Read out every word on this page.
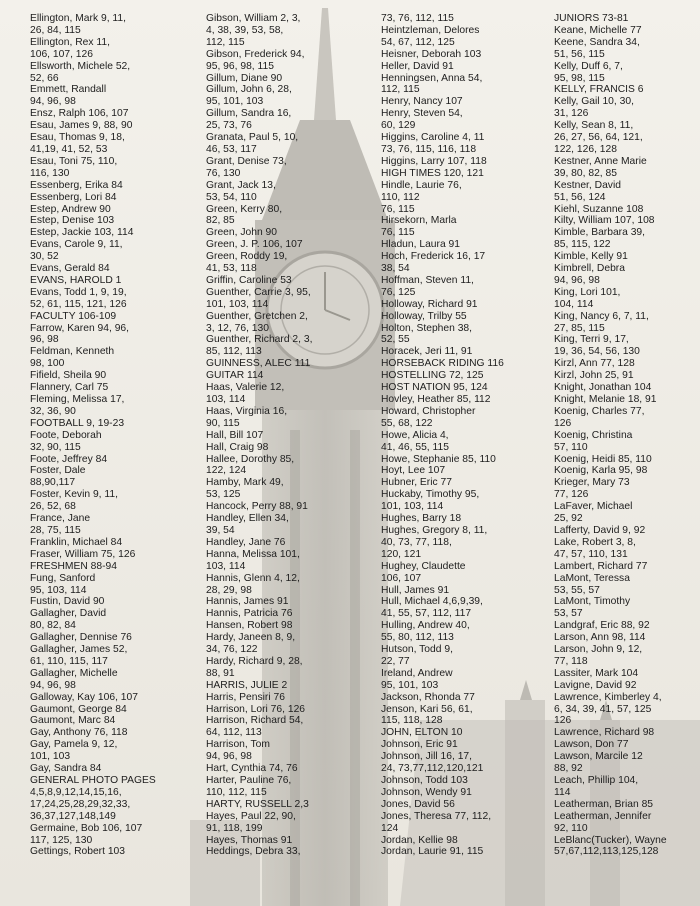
Ellington, Mark 9, 11,
26, 84, 115
Ellington, Rex 11,
106, 107, 126
Ellsworth, Michele 52,
52, 66
Emmett, Randall
94, 96, 98
Ensz, Ralph 106, 107
Esau, James 9, 88, 90
Esau, Thomas 9, 18,
41,19, 41, 52, 53
Esau, Toni 75, 110,
116, 130
Essenberg, Erika 84
Essenberg, Lori 84
Estep, Andrew 90
Estep, Denise 103
Estep, Jackie 103, 114
Evans, Carole 9, 11,
30, 52
Evans, Gerald 84
EVANS, HAROLD 1
Evans, Todd 1, 9, 19,
52, 61, 115, 121, 126
FACULTY 106-109
Farrow, Karen 94, 96,
96, 98
Feldman, Kenneth
98, 100
Fifield, Sheila 90
Flannery, Carl 75
Fleming, Melissa 17,
32, 36, 90
FOOTBALL 9, 19-23
Foote, Deborah
32, 90, 115
Foote, Jeffrey 84
Foster, Dale
88,90,117
Foster, Kevin 9, 11,
26, 52, 68
France, Jane
28, 75, 115
Franklin, Michael 84
Fraser, William 75, 126
FRESHMEN 88-94
Fung, Sanford
95, 103, 114
Fustin, David 90
Gallagher, David
80, 82, 84
Gallagher, Dennise 76
Gallagher, James 52,
61, 110, 115, 117
Gallagher, Michelle
94, 96, 98
Galloway, Kay 106, 107
Gaumont, George 84
Gaumont, Marc 84
Gay, Anthony 76, 118
Gay, Pamela 9, 12,
101, 103
Gay, Sandra 84
GENERAL PHOTO PAGES
4,5,8,9,12,14,15,16,
17,24,25,28,29,32,33,
36,37,127,148,149
Germaine, Bob 106, 107
117, 125, 130
Gettings, Robert 103
Gibson, William 2, 3,
4, 38, 39, 53, 58,
112, 115
Gibson, Frederick 94,
95, 96, 98, 115
Gillum, Diane 90
Gillum, John 6, 28,
95, 101, 103
Gillum, Sandra 16,
25, 73, 76
Granata, Paul 5, 10,
46, 53, 117
Grant, Denise 73,
76, 130
Grant, Jack 13,
53, 54, 110
Green, Kerry 80,
82, 85
Green, John 90
Green, J. P. 106, 107
Green, Roddy 19,
41, 53, 118
Griffin, Caroline 53
Guenther, Carrie 3, 95,
101, 103, 114
Guenther, Gretchen 2,
3, 12, 76, 130
Guenther, Richard 2, 3,
85, 112, 113
GUINNESS, ALEC 111
GUITAR 114
Haas, Valerie 12,
103, 114
Haas, Virginia 16,
90, 115
Hall, Bill 107
Hall, Craig 98
Hallee, Dorothy 85,
122, 124
Hamby, Mark 49,
53, 125
Hancock, Perry 88, 91
Handley, Ellen 34,
39, 54
Handley, Jane 76
Hanna, Melissa 101,
103, 114
Hannis, Glenn 4, 12,
28, 29, 98
Hannis, James 91
Hannis, Patricia 76
Hansen, Robert 98
Hardy, Janeen 8, 9,
34, 76, 122
Hardy, Richard 9, 28,
88, 91
HARRIS, JULIE 2
Harris, Pensiri 76
Harrison, Lori 76, 126
Harrison, Richard 54,
64, 112, 113
Harrison, Tom
94, 96, 98
Hart, Cynthia 74, 76
Harter, Pauline 76,
110, 112, 115
HARTY, RUSSELL 2,3
Hayes, Paul 22, 90,
91, 118, 199
Hayes, Thomas 91
Heddings, Debra 33,
73, 76, 112, 115
Heintzleman, Delores
54, 67, 112, 125
Heisner, Deborah 103
Heller, David 91
Henningsen, Anna 54,
112, 115
Henry, Nancy 107
Henry, Steven 54,
60, 129
Higgins, Caroline 4, 11
73, 76, 115, 116, 118
Higgins, Larry 107, 118
HIGH TIMES 120, 121
Hindle, Laurie 76,
110, 112
76, 115
Hirsekorn, Marla
76, 115
Hladun, Laura 91
Hoch, Frederick 16, 17
38, 54
Hoffman, Steven 11,
76, 125
Holloway, Richard 91
Holloway, Trilby 55
Holton, Stephen 38,
52, 55
Horacek, Jeri 11, 91
HORSEBACK RIDING 116
HOSTELLING 72, 125
HOST NATION 95, 124
Hovley, Heather 85, 112
Howard, Christopher
55, 68, 122
Howe, Alicia 4,
41, 46, 55, 115
Howe, Stephanie 85, 110
Hoyt, Lee 107
Hubner, Eric 77
Huckaby, Timothy 95,
101, 103, 114
Hughes, Barry 18
Hughes, Gregory 8, 11,
40, 73, 77, 118,
120, 121
Hughey, Claudette
106, 107
Hull, James 91
Hull, Michael 4,6,9,39,
41, 55, 57, 112, 117
Hulling, Andrew 40,
55, 80, 112, 113
Hutson, Todd 9,
22, 77
Ireland, Andrew
95, 101, 103
Jackson, Rhonda 77
Jenson, Kari 56, 61,
115, 118, 128
JOHN, ELTON 10
Johnson, Eric 91
Johnson, Jill 16, 17,
24, 73,77,112,120,121
Johnson, Todd 103
Johnson, Wendy 91
Jones, David 56
Jones, Theresa 77, 112,
124
Jordan, Kellie 98
Jordan, Laurie 91, 115
JUNIORS 73-81
Keane, Michelle 77
Keene, Sandra 34,
51, 56, 115
Kelly, Duff 6, 7,
95, 98, 115
KELLY, FRANCIS 6
Kelly, Gail 10, 30,
31, 126
Kelly, Sean 8, 11,
26, 27, 56, 64, 121,
122, 126, 128
Kestner, Anne Marie
39, 80, 82, 85
Kestner, David
51, 56, 124
Kiehl, Suzanne 108
Kilty, William 107, 108
Kimble, Barbara 39,
85, 115, 122
Kimble, Kelly 91
Kimbrell, Debra
94, 96, 98
King, Lori 101,
104, 114
King, Nancy 6, 7, 11,
27, 85, 115
King, Terri 9, 17,
19, 36, 54, 56, 130
Kirzl, Ann 77, 128
Kirzl, John 25, 91
Knight, Jonathan 104
Knight, Melanie 18, 91
Koenig, Charles 77,
126
Koenig, Christina
57, 110
Koenig, Heidi 85, 110
Koenig, Karla 95, 98
Krieger, Mary 73
77, 126
LaFaver, Michael
25, 92
Lafferty, David 9, 92
Lake, Robert 3, 8,
47, 57, 110, 131
Lambert, Richard 77
LaMont, Teressa
53, 55, 57
LaMont, Timothy
53, 57
Landgraf, Eric 88, 92
Larson, Ann 98, 114
Larson, John 9, 12,
77, 118
Lassiter, Mark 104
Lavigne, David 92
Lawrence, Kimberley 4,
6, 34, 39, 41, 57, 125
126
Lawrence, Richard 98
Lawson, Don 77
Lawson, Marcile 12
88, 92
Leach, Phillip 104,
114
Leatherman, Brian 85
Leatherman, Jennifer
92, 110
LeBlanc(Tucker), Wayne
57,67,112,113,125,128
